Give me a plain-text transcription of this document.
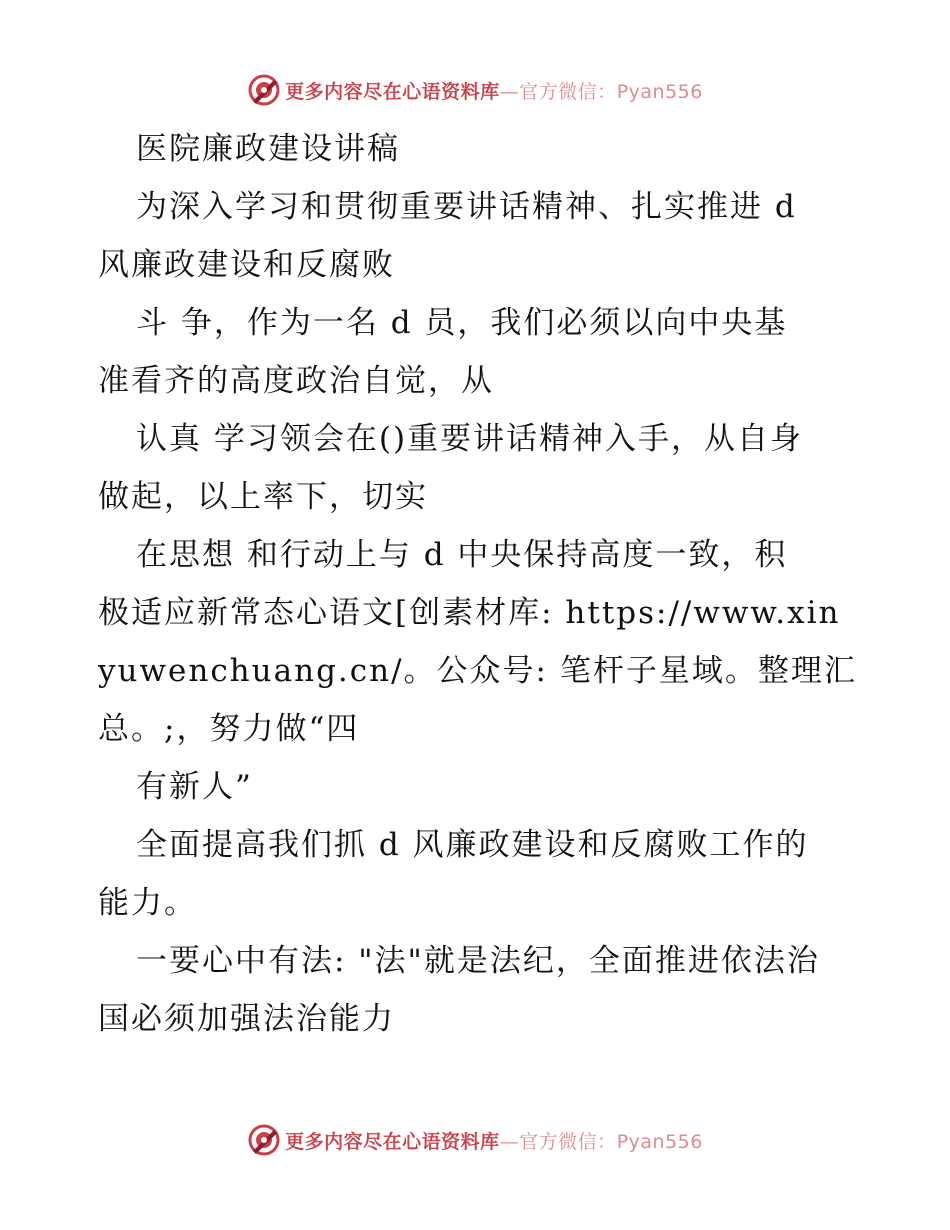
更多内容尽在心语资料库—官方微信：Pyan556
医院廉政建设讲稿
为深入学习和贯彻重要讲话精神、扎实推进 d
风廉政建设和反腐败
斗 争，作为一名 d 员，我们必须以向中央基
准看齐的高度政治自觉，从
认真 学习领会在()重要讲话精神入手，从自身
做起，以上率下，切实
在思想 和行动上与 d 中央保持高度一致，积
极适应新常态心语文[创素材库: https://www.xin
yuwenchuang.cn/。公众号: 笔杆子星域。整理汇
总。;，努力做“四
有新人”
全面提高我们抓 d 风廉政建设和反腐败工作的
能力。
一要心中有法: "法"就是法纪，全面推进依法治
国必须加强法治能力
更多内容尽在心语资料库—官方微信：Pyan556
